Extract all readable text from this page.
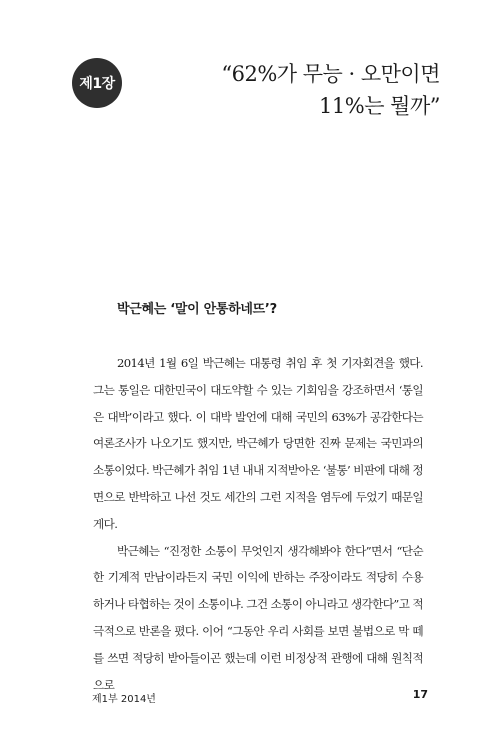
제1장	“62%가 무능 · 오만이면
11%는 뭘까”
박근혜는 ‘말이 안통하네뜨’?

2014년 1월 6일 박근혜는 대통령 취임 후 첫 기자회견을 했다. 그는 통일은 대한민국이 대도약할 수 있는 기회임을 강조하면서 ‘통일은 대박’이라고 했다. 이 대박 발언에 대해 국민의 63%가 공감한다는 여론조사가 나오기도 했지만, 박근혜가 당면한 진짜 문제는 국민과의 소통이었다. 박근혜가 취임 1년 내내 지적받아온 ‘불통’ 비판에 대해 정면으로 반박하고 나선 것도 세간의 그런 지적을 염두에 두었기 때문일 게다.

박근혜는 “진정한 소통이 무엇인지 생각해봐야 한다”면서 “단순한 기계적 만남이라든지 국민 이익에 반하는 주장이라도 적당히 수용하거나 타협하는 것이 소통이냐. 그건 소통이 아니라고 생각한다”고 적극적으로 반론을 폈다. 이어 “그동안 우리 사회를 보면 불법으로 막 떼를 쓰면 적당히 받아들이곤 했는데 이런 비정상적 관행에 대해 원칙적으로

제1부 2014년	17
